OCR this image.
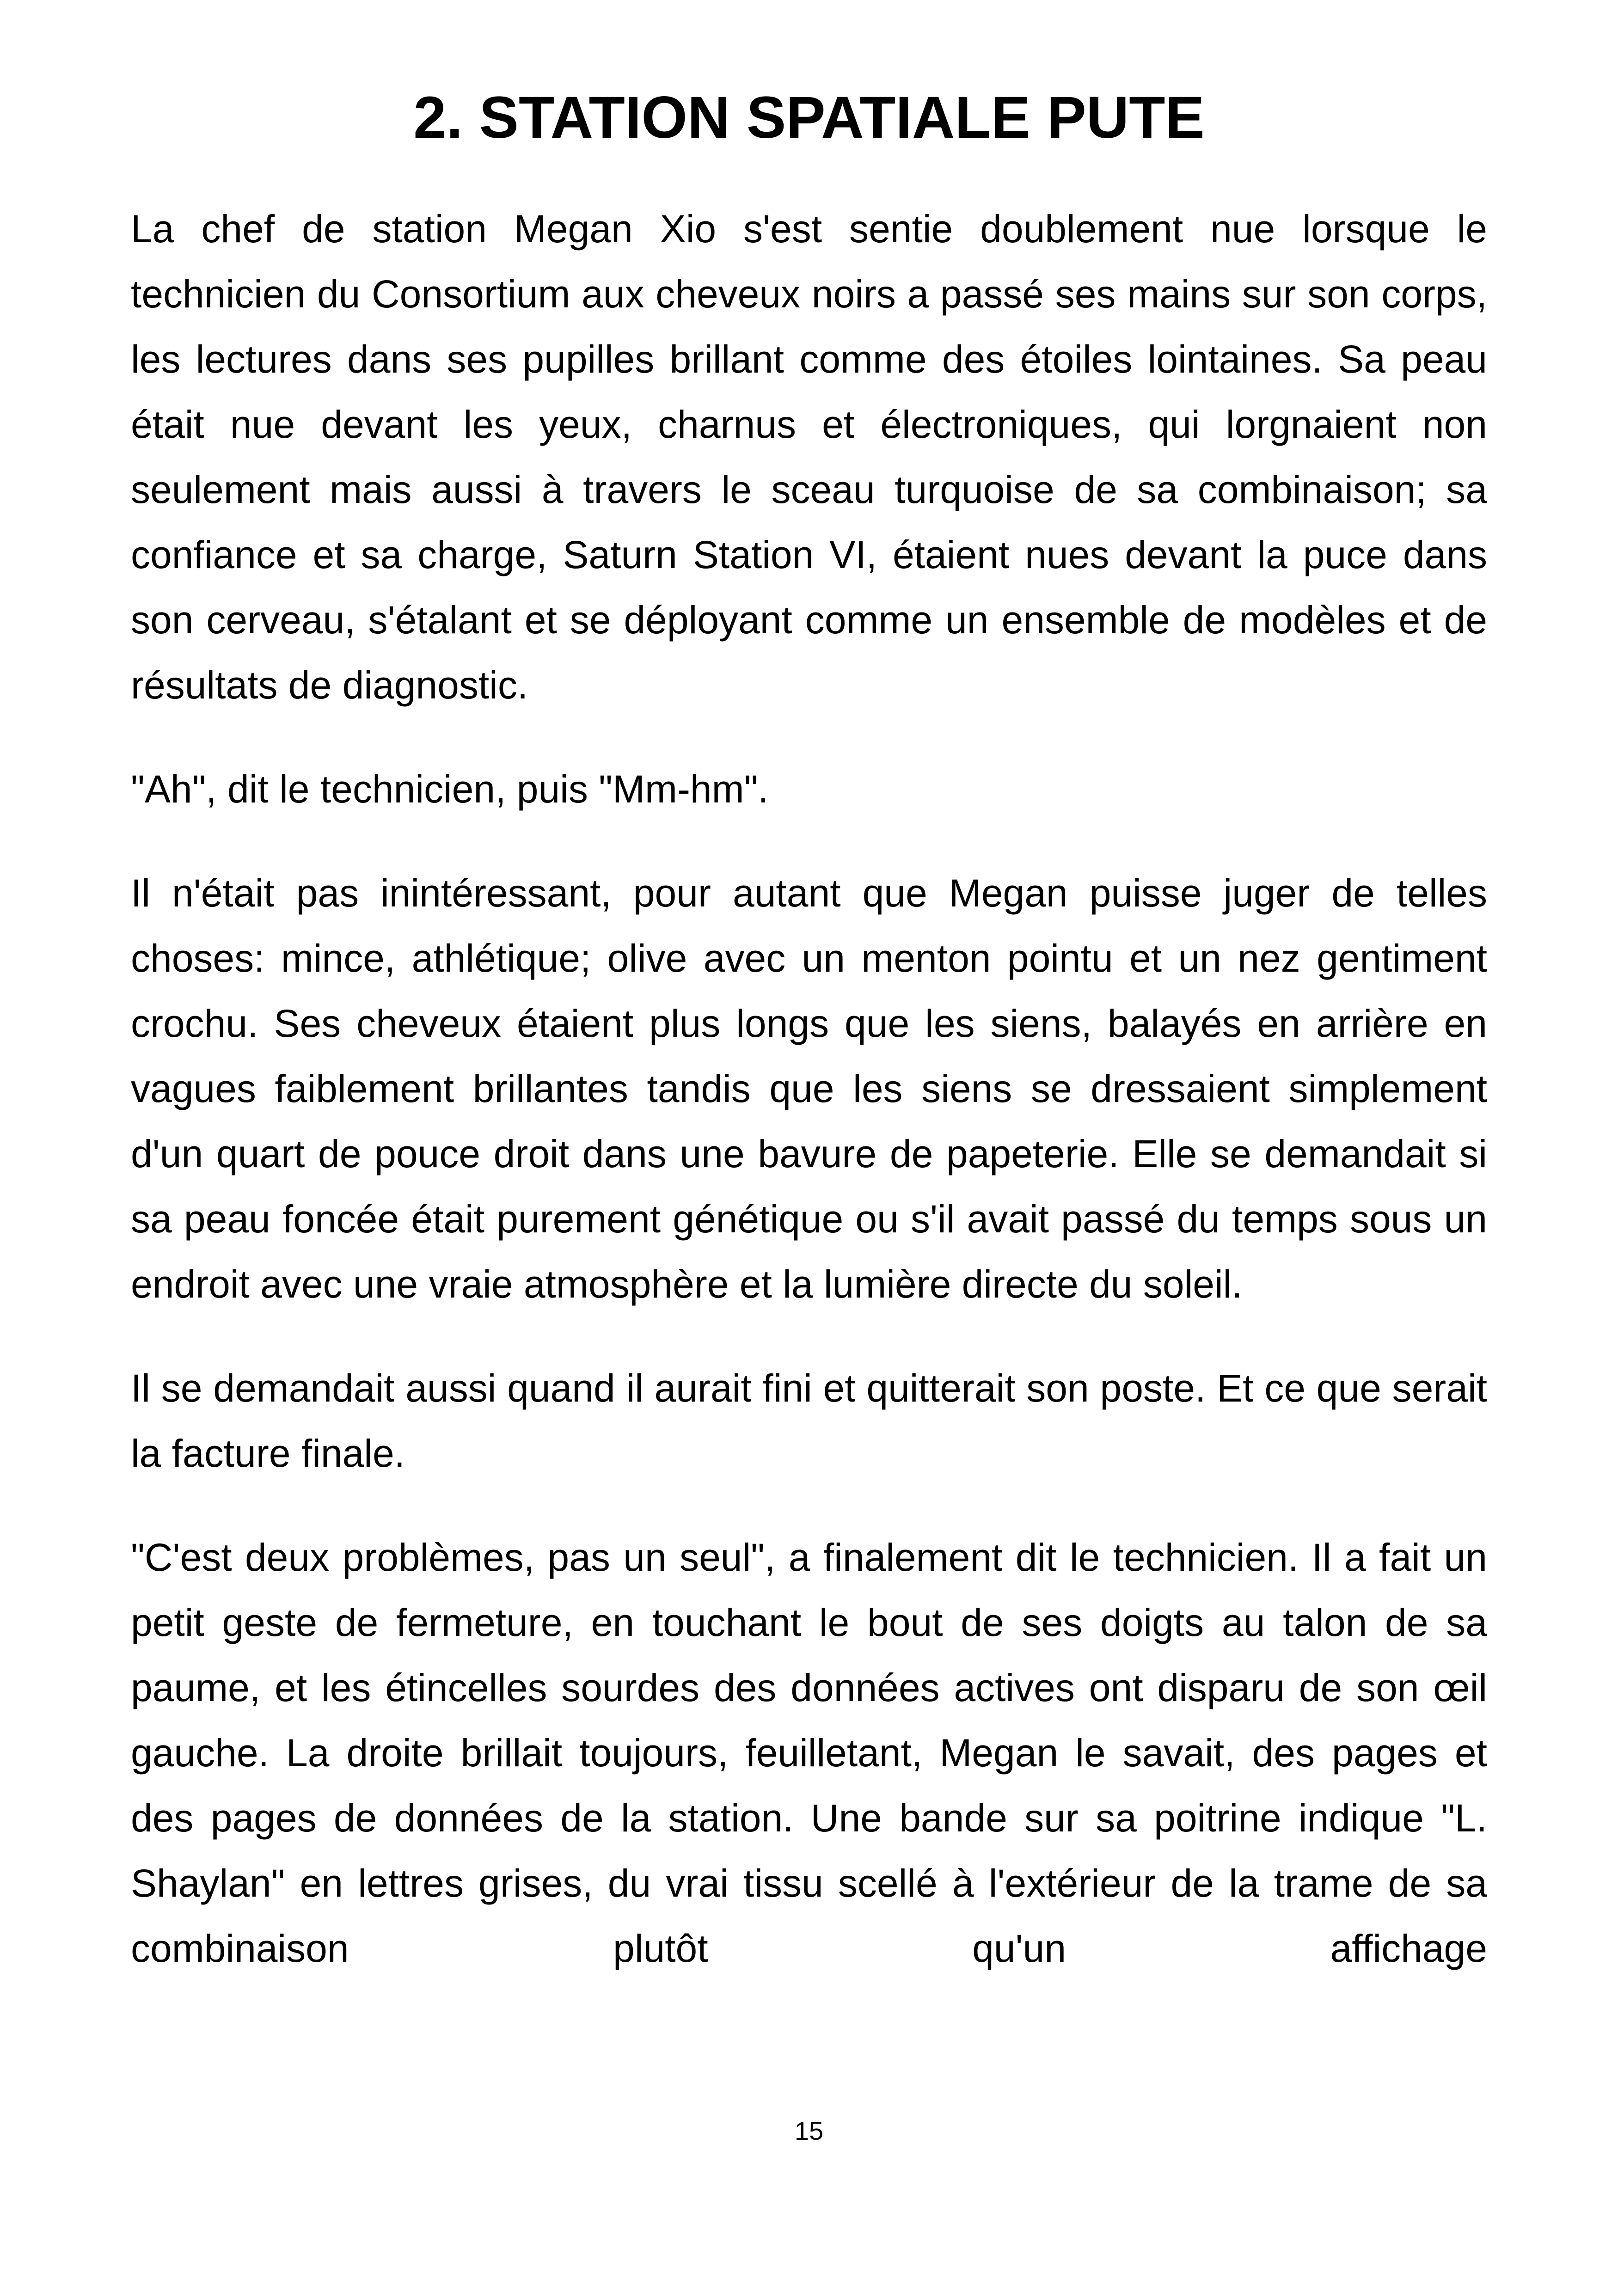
2. STATION SPATIALE PUTE

La chef de station Megan Xio s'est sentie doublement nue lorsque le technicien du Consortium aux cheveux noirs a passé ses mains sur son corps, les lectures dans ses pupilles brillant comme des étoiles lointaines. Sa peau était nue devant les yeux, charnus et électroniques, qui lorgnaient non seulement mais aussi à travers le sceau turquoise de sa combinaison; sa confiance et sa charge, Saturn Station VI, étaient nues devant la puce dans son cerveau, s'étalant et se déployant comme un ensemble de modèles et de résultats de diagnostic.

"Ah", dit le technicien, puis "Mm-hm".

Il n'était pas inintéressant, pour autant que Megan puisse juger de telles choses: mince, athlétique; olive avec un menton pointu et un nez gentiment crochu. Ses cheveux étaient plus longs que les siens, balayés en arrière en vagues faiblement brillantes tandis que les siens se dressaient simplement d'un quart de pouce droit dans une bavure de papeterie. Elle se demandait si sa peau foncée était purement génétique ou s'il avait passé du temps sous un endroit avec une vraie atmosphère et la lumière directe du soleil.

Il se demandait aussi quand il aurait fini et quitterait son poste. Et ce que serait la facture finale.

"C'est deux problèmes, pas un seul", a finalement dit le technicien. Il a fait un petit geste de fermeture, en touchant le bout de ses doigts au talon de sa paume, et les étincelles sourdes des données actives ont disparu de son œil gauche. La droite brillait toujours, feuilletant, Megan le savait, des pages et des pages de données de la station. Une bande sur sa poitrine indique "L. Shaylan" en lettres grises, du vrai tissu scellé à l'extérieur de la trame de sa combinaison plutôt qu'un affichage

15
